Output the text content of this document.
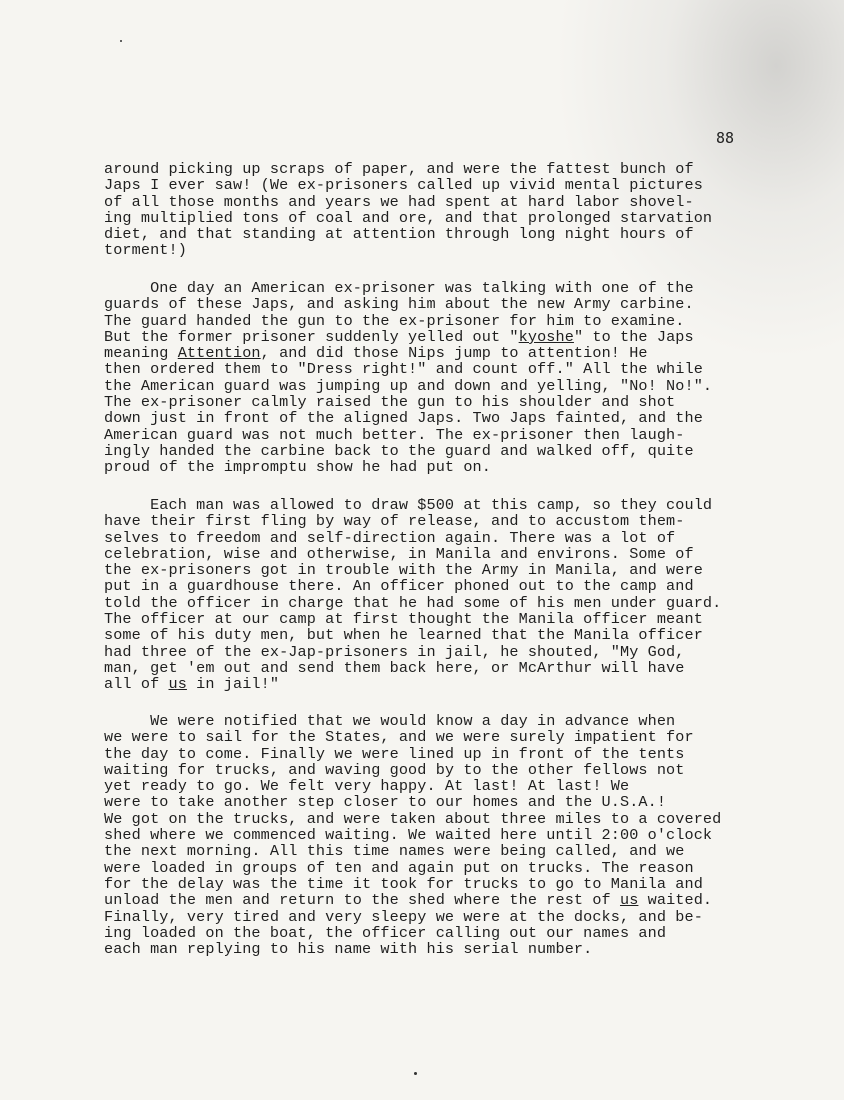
88

around picking up scraps of paper, and were the fattest bunch of
Japs I ever saw! (We ex-prisoners called up vivid mental pictures
of all those months and years we had spent at hard labor shovel-
ing multiplied tons of coal and ore, and that prolonged starvation
diet, and that standing at attention through long night hours of
torment!)

One day an American ex-prisoner was talking with one of the
guards of these Japs, and asking him about the new Army carbine.
The guard handed the gun to the ex-prisoner for him to examine.
But the former prisoner suddenly yelled out "kyoshe" to the Japs
meaning Attention, and did those Nips jump to attention! He
then ordered them to "Dress right!" and count off." All the while
the American guard was jumping up and down and yelling, "No! No!".
The ex-prisoner calmly raised the gun to his shoulder and shot
down just in front of the aligned Japs. Two Japs fainted, and the
American guard was not much better. The ex-prisoner then laugh-
ingly handed the carbine back to the guard and walked off, quite
proud of the impromptu show he had put on.

Each man was allowed to draw $500 at this camp, so they could
have their first fling by way of release, and to accustom them-
selves to freedom and self-direction again. There was a lot of
celebration, wise and otherwise, in Manila and environs. Some of
the ex-prisoners got in trouble with the Army in Manila, and were
put in a guardhouse there. An officer phoned out to the camp and
told the officer in charge that he had some of his men under guard.
The officer at our camp at first thought the Manila officer meant
some of his duty men, but when he learned that the Manila officer
had three of the ex-Jap-prisoners in jail, he shouted, "My God,
man, get 'em out and send them back here, or McArthur will have
all of us in jail!"

We were notified that we would know a day in advance when
we were to sail for the States, and we were surely impatient for
the day to come. Finally we were lined up in front of the tents
waiting for trucks, and waving good by to the other fellows not
yet ready to go. We felt very happy. At last! At last! We
were to take another step closer to our homes and the U.S.A.!
We got on the trucks, and were taken about three miles to a covered
shed where we commenced waiting. We waited here until 2:00 o'clock
the next morning. All this time names were being called, and we
were loaded in groups of ten and again put on trucks. The reason
for the delay was the time it took for trucks to go to Manila and
unload the men and return to the shed where the rest of us waited.
Finally, very tired and very sleepy we were at the docks, and be-
ing loaded on the boat, the officer calling out our names and
each man replying to his name with his serial number.
